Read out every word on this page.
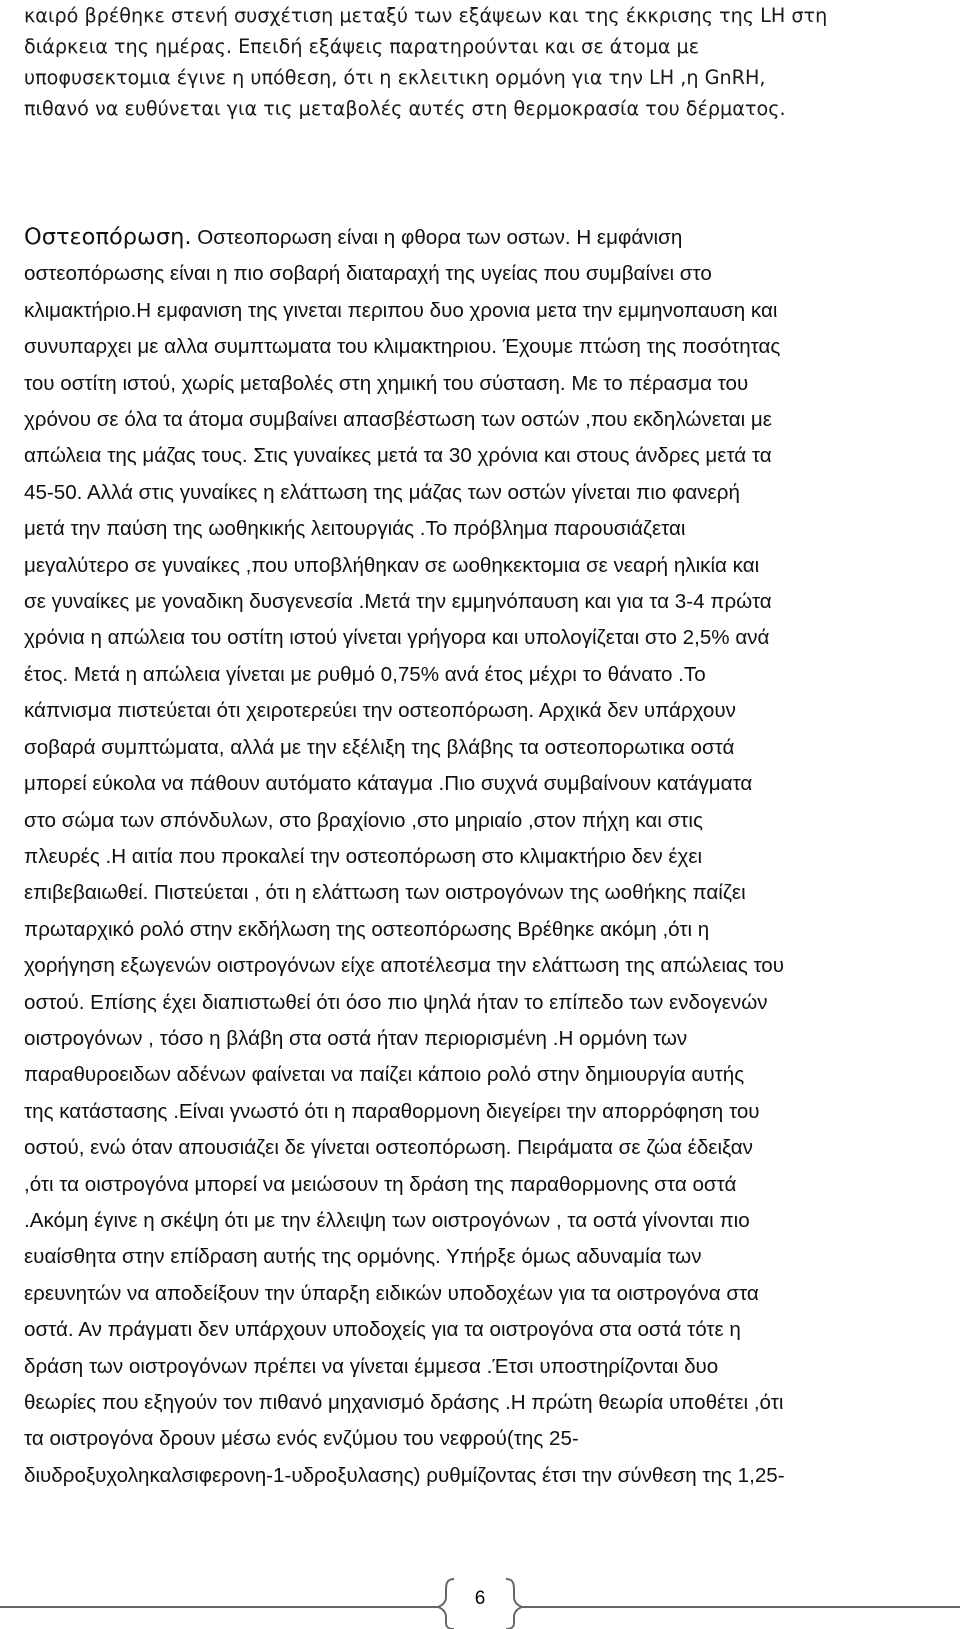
καιρό βρέθηκε στενή συσχέτιση μεταξύ των εξάψεων και της έκκρισης της LH στη
διάρκεια της ημέρας. Επειδή εξάψεις παρατηρούνται και σε άτομα με
υποφυσεκτομια έγινε η υπόθεση, ότι η εκλειτικη ορμόνη για την LH ,η GnRH,
πιθανό να ευθύνεται για τις μεταβολές αυτές στη θερμοκρασία του δέρματος.
Οστεοπόρωση. Οστεοπορωση είναι η φθορα των οστων. Η εμφάνιση
οστεοπόρωσης είναι η πιο σοβαρή διαταραχή της υγείας που συμβαίνει στο
κλιμακτήριο.Η εμφανιση της γινεται περιπου δυο χρονια μετα την εμμηνοπαυση και
συνυπαρχει με αλλα συμπτωματα του κλιμακτηριου. Έχουμε πτώση της ποσότητας
του οστίτη ιστού, χωρίς μεταβολές στη χημική του σύσταση. Με το πέρασμα του
χρόνου σε όλα τα άτομα συμβαίνει απασβέστωση των οστών ,που εκδηλώνεται με
απώλεια της μάζας τους. Στις γυναίκες μετά τα 30 χρόνια και στους άνδρες μετά τα
45-50. Αλλά στις γυναίκες η ελάττωση της μάζας των οστών γίνεται πιο φανερή
μετά την παύση της ωοθηκικής λειτουργιάς .Το πρόβλημα παρουσιάζεται
μεγαλύτερο σε γυναίκες ,που υποβλήθηκαν σε ωοθηκεκτομια σε νεαρή ηλικία και
σε γυναίκες με γοναδικη δυσγενεσία .Μετά την εμμηνόπαυση και για τα 3-4 πρώτα
χρόνια η απώλεια του οστίτη ιστού γίνεται γρήγορα και υπολογίζεται στο 2,5% ανά
έτος. Μετά η απώλεια γίνεται με ρυθμό 0,75% ανά έτος μέχρι το θάνατο .Το
κάπνισμα πιστεύεται ότι χειροτερεύει την οστεοπόρωση. Αρχικά δεν υπάρχουν
σοβαρά συμπτώματα, αλλά με την εξέλιξη της βλάβης τα οστεοπορωτικα οστά
μπορεί εύκολα να πάθουν αυτόματο κάταγμα .Πιο συχνά συμβαίνουν κατάγματα
στο σώμα των σπόνδυλων, στο βραχίονιο ,στο μηριαίο ,στον πήχη και στις
πλευρές .Η αιτία που προκαλεί την οστεοπόρωση στο κλιμακτήριο δεν έχει
επιβεβαιωθεί. Πιστεύεται , ότι η ελάττωση των οιστρογόνων της ωοθήκης παίζει
πρωταρχικό ρολό στην εκδήλωση της οστεοπόρωσης Βρέθηκε ακόμη ,ότι η
χορήγηση εξωγενών οιστρογόνων είχε αποτέλεσμα την ελάττωση της απώλειας του
οστού. Επίσης έχει διαπιστωθεί ότι όσο πιο ψηλά ήταν το επίπεδο των ενδογενών
οιστρογόνων , τόσο η βλάβη στα οστά ήταν περιορισμένη .Η ορμόνη των
παραθυροειδων αδένων φαίνεται να παίζει κάποιο ρολό στην δημιουργία αυτής
της κατάστασης .Είναι γνωστό ότι η παραθορμονη διεγείρει την απορρόφηση του
οστού, ενώ όταν απουσιάζει δε γίνεται οστεοπόρωση. Πειράματα σε ζώα έδειξαν
,ότι τα οιστρογόνα μπορεί να μειώσουν τη δράση της παραθορμονης στα οστά
.Ακόμη έγινε η σκέψη ότι με την έλλειψη των οιστρογόνων , τα οστά γίνονται πιο
ευαίσθητα στην επίδραση αυτής της ορμόνης. Υπήρξε όμως αδυναμία των
ερευνητών να αποδείξουν την ύπαρξη ειδικών υποδοχέων για τα οιστρογόνα στα
οστά. Αν πράγματι δεν υπάρχουν υποδοχείς για τα οιστρογόνα στα οστά τότε η
δράση των οιστρογόνων πρέπει να γίνεται έμμεσα .Έτσι υποστηρίζονται δυο
θεωρίες που εξηγούν τον πιθανό μηχανισμό δράσης .Η πρώτη θεωρία υποθέτει ,ότι
τα οιστρογόνα δρουν μέσω ενός ενζύμου του νεφρού(της 25-
διυδροξυχοληκαλσιφερονη-1-υδροξυλασης) ρυθμίζοντας έτσι την σύνθεση της 1,25-
6
